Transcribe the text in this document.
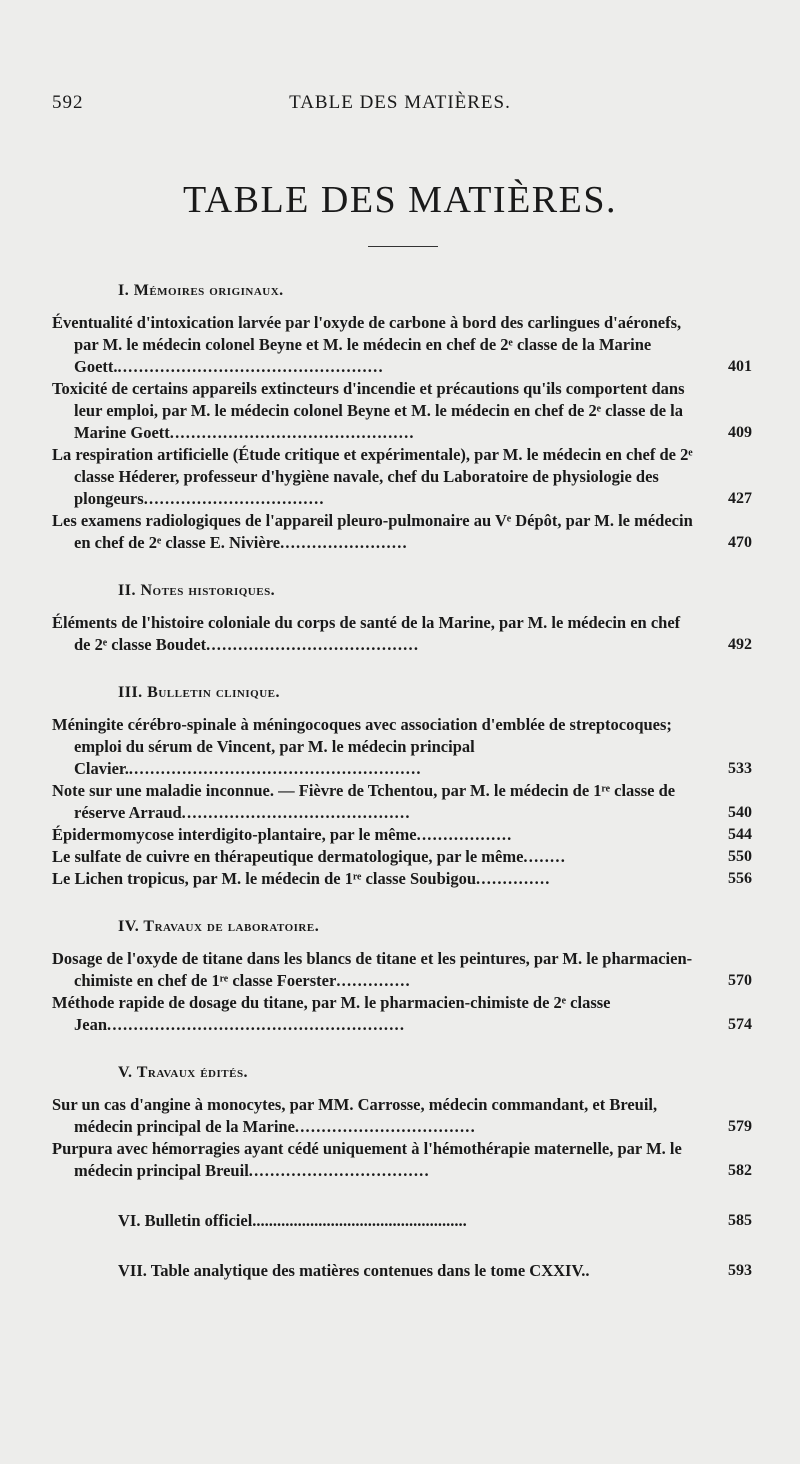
592	TABLE DES MATIÈRES.
TABLE DES MATIÈRES.
I. Mémoires originaux.

Éventualité d'intoxication larvée par l'oxyde de carbone à bord des carlingues d'aéronefs, par M. le médecin colonel Beyne et M. le médecin en chef de 2ᵉ classe de la Marine Goett...................................................	401

Toxicité de certains appareils extincteurs d'incendie et précautions qu'ils comportent dans leur emploi, par M. le médecin colonel Beyne et M. le médecin en chef de 2ᵉ classe de la Marine Goett..............................................	409

La respiration artificielle (Étude critique et expérimentale), par M. le médecin en chef de 2ᵉ classe Héderer, professeur d'hygiène navale, chef du Laboratoire de physiologie des plongeurs..................................	427

Les examens radiologiques de l'appareil pleuro-pulmonaire au Vᵉ Dépôt, par M. le médecin en chef de 2ᵉ classe E. Nivière........................	470

II. Notes historiques.

Éléments de l'histoire coloniale du corps de santé de la Marine, par M. le médecin en chef de 2ᵉ classe Boudet........................................	492

III. Bulletin clinique.

Méningite cérébro-spinale à méningocoques avec association d'emblée de streptocoques; emploi du sérum de Vincent, par M. le médecin principal Clavier........................................................	533

Note sur une maladie inconnue. — Fièvre de Tchentou, par M. le médecin de 1ʳᵉ classe de réserve Arraud...........................................	540

Épidermomycose interdigito-plantaire, par le même..................	544

Le sulfate de cuivre en thérapeutique dermatologique, par le même........	550

Le Lichen tropicus, par M. le médecin de 1ʳᵉ classe Soubigou..............	556

IV. Travaux de laboratoire.

Dosage de l'oxyde de titane dans les blancs de titane et les peintures, par M. le pharmacien-chimiste en chef de 1ʳᵉ classe Foerster..............	570

Méthode rapide de dosage du titane, par M. le pharmacien-chimiste de 2ᵉ classe Jean........................................................	574

V. Travaux édités.

Sur un cas d'angine à monocytes, par MM. Carrosse, médecin commandant, et Breuil, médecin principal de la Marine..................................	579

Purpura avec hémorragies ayant cédé uniquement à l'hémothérapie maternelle, par M. le médecin principal Breuil..................................	582

VI. Bulletin officiel....................................................	585
VII. Table analytique des matières contenues dans le tome CXXIV..	593
